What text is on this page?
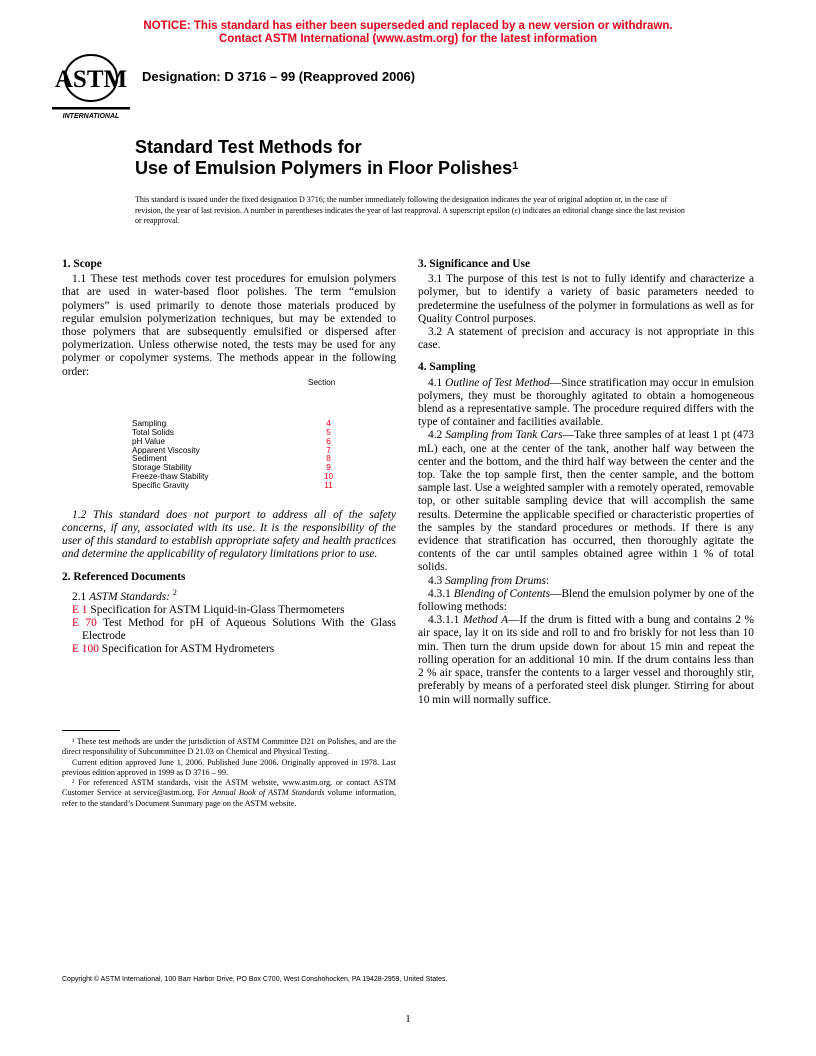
NOTICE: This standard has either been superseded and replaced by a new version or withdrawn.
Contact ASTM International (www.astm.org) for the latest information
ASTM
INTERNATIONAL
Designation: D 3716 – 99 (Reapproved 2006)
Standard Test Methods for
Use of Emulsion Polymers in Floor Polishes$^1$
This standard is issued under the fixed designation D 3716; the number immediately following the designation indicates the year of original adoption or, in the case of revision, the year of last revision. A number in parentheses indicates the year of last reapproval. A superscript epsilon (ε) indicates an editorial change since the last revision or reapproval.
1. Scope

1.1 These test methods cover test procedures for emulsion polymers that are used in water-based floor polishes. The term “emulsion polymers” is used primarily to denote those materials produced by regular emulsion polymerization techniques, but may be extended to those polymers that are subsequently emulsified or dispersed after polymerization. Unless otherwise noted, the tests may be used for any polymer or copolymer systems. The methods appear in the following order:

Section
Sampling	4
Total Solids	5
pH Value	6
Apparent Viscosity	7
Sediment	8
Storage Stability	9
Freeze-thaw Stability	10
Specific Gravity	11

1.2 This standard does not purport to address all of the safety concerns, if any, associated with its use. It is the responsibility of the user of this standard to establish appropriate safety and health practices and determine the applicability of regulatory limitations prior to use.

2. Referenced Documents

2.1 ASTM Standards: $^2$

E 1 Specification for ASTM Liquid-in-Glass Thermometers

E 70 Test Method for pH of Aqueous Solutions With the Glass Electrode

E 100 Specification for ASTM Hydrometers

¹ These test methods are under the jurisdiction of ASTM Committee D21 on Polishes, and are the direct responsibility of Subcommittee D 21.03 on Chemical and Physical Testing.

Current edition approved June 1, 2006. Published June 2006. Originally approved in 1978. Last previous edition approved in 1999 as D 3716 – 99.

² For referenced ASTM standards, visit the ASTM website, www.astm.org, or contact ASTM Customer Service at service@astm.org. For Annual Book of ASTM Standards volume information, refer to the standard’s Document Summary page on the ASTM website.

3. Significance and Use

3.1 The purpose of this test is not to fully identify and characterize a polymer, but to identify a variety of basic parameters needed to predetermine the usefulness of the polymer in formulations as well as for Quality Control purposes.

3.2 A statement of precision and accuracy is not appropriate in this case.

4. Sampling

4.1 Outline of Test Method—Since stratification may occur in emulsion polymers, they must be thoroughly agitated to obtain a homogeneous blend as a representative sample. The procedure required differs with the type of container and facilities available.

4.2 Sampling from Tank Cars—Take three samples of at least 1 pt (473 mL) each, one at the center of the tank, another half way between the center and the bottom, and the third half way between the center and the top. Take the top sample first, then the center sample, and the bottom sample last. Use a weighted sampler with a remotely operated, removable top, or other suitable sampling device that will accomplish the same results. Determine the applicable specified or characteristic properties of the samples by the standard procedures or methods. If there is any evidence that stratification has occurred, then thoroughly agitate the contents of the car until samples obtained agree within 1 % of total solids.

4.3 Sampling from Drums:

4.3.1 Blending of Contents—Blend the emulsion polymer by one of the following methods:

4.3.1.1 Method A—If the drum is fitted with a bung and contains 2 % air space, lay it on its side and roll to and fro briskly for not less than 10 min. Then turn the drum upside down for about 15 min and repeat the rolling operation for an additional 10 min. If the drum contains less than 2 % air space, transfer the contents to a larger vessel and thoroughly stir, preferably by means of a perforated steel disk plunger. Stirring for about 10 min will normally suffice.

Copyright © ASTM International, 100 Barr Harbor Drive, PO Box C700, West Conshohocken, PA 19428-2959, United States.
1
